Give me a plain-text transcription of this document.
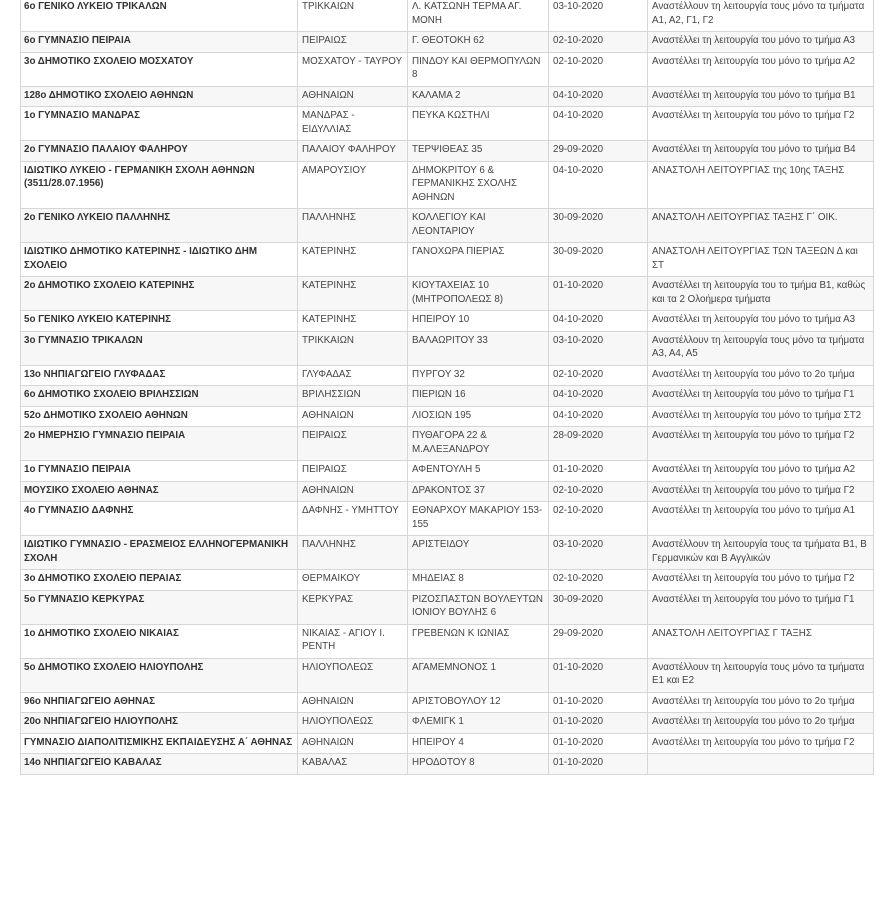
6ο ΓΕΝΙΚΟ ΛΥΚΕΙΟ ΤΡΙΚΑΛΩΝ	ΤΡΙΚΚΑΙΩΝ	Λ. ΚΑΤΣΩΝΗ ΤΕΡΜΑ ΑΓ. ΜΟΝΗ	03-10-2020	Αναστέλλουν τη λειτουργία τους μόνο τα τμήματα Α1, Α2, Γ1, Γ2
6ο ΓΥΜΝΑΣΙΟ ΠΕΙΡΑΙΑ	ΠΕΙΡΑΙΩΣ	Γ. ΘΕΟΤΟΚΗ 62	02-10-2020	Αναστέλλει τη λειτουργία του μόνο το τμήμα Α3
3ο ΔΗΜΟΤΙΚΟ ΣΧΟΛΕΙΟ ΜΟΣΧΑΤΟΥ	ΜΟΣΧΑΤΟΥ - ΤΑΥΡΟΥ	ΠΙΝΔΟΥ ΚΑΙ ΘΕΡΜΟΠΥΛΩΝ 8	02-10-2020	Αναστέλλει τη λειτουργία του μόνο το τμήμα Α2
128ο ΔΗΜΟΤΙΚΟ ΣΧΟΛΕΙΟ ΑΘΗΝΩΝ	ΑΘΗΝΑΙΩΝ	ΚΑΛΑΜΑ 2	04-10-2020	Αναστέλλει τη λειτουργία του μόνο το τμήμα Β1
1ο ΓΥΜΝΑΣΙΟ ΜΑΝΔΡΑΣ	ΜΑΝΔΡΑΣ - ΕΙΔΥΛΛΙΑΣ	ΠΕΥΚΑ ΚΩΣΤΗΛΙ	04-10-2020	Αναστέλλει τη λειτουργία του μόνο το τμήμα Γ2
2ο ΓΥΜΝΑΣΙΟ ΠΑΛΑΙΟΥ ΦΑΛΗΡΟΥ	ΠΑΛΑΙΟΥ ΦΑΛΗΡΟΥ	ΤΕΡΨΙΘΕΑΣ 35	29-09-2020	Αναστέλλει τη λειτουργία του μόνο το τμήμα Β4
ΙΔΙΩΤΙΚΟ ΛΥΚΕΙΟ - ΓΕΡΜΑΝΙΚΗ ΣΧΟΛΗ ΑΘΗΝΩΝ (3511/28.07.1956)	ΑΜΑΡΟΥΣΙΟΥ	ΔΗΜΟΚΡΙΤΟΥ 6 & ΓΕΡΜΑΝΙΚΗΣ ΣΧΟΛΗΣ ΑΘΗΝΩΝ	04-10-2020	ΑΝΑΣΤΟΛΗ ΛΕΙΤΟΥΡΓΙΑΣ της 10ης ΤΑΞΗΣ
2ο ΓΕΝΙΚΟ ΛΥΚΕΙΟ ΠΑΛΛΗΝΗΣ	ΠΑΛΛΗΝΗΣ	ΚΟΛΛΕΓΙΟΥ ΚΑΙ ΛΕΟΝΤΑΡΙΟΥ	30-09-2020	ΑΝΑΣΤΟΛΗ ΛΕΙΤΟΥΡΓΙΑΣ ΤΑΞΗΣ Γ΄ ΟΙΚ.
ΙΔΙΩΤΙΚΟ ΔΗΜΟΤΙΚΟ ΚΑΤΕΡΙΝΗΣ - ΙΔΙΩΤΙΚΟ ΔΗΜ ΣΧΟΛΕΙΟ	ΚΑΤΕΡΙΝΗΣ	ΓΑΝΟΧΩΡΑ ΠΙΕΡΙΑΣ	30-09-2020	ΑΝΑΣΤΟΛΗ ΛΕΙΤΟΥΡΓΙΑΣ ΤΩΝ ΤΑΞΕΩΝ Δ και ΣΤ
2ο ΔΗΜΟΤΙΚΟ ΣΧΟΛΕΙΟ ΚΑΤΕΡΙΝΗΣ	ΚΑΤΕΡΙΝΗΣ	ΚΙΟΥΤΑΧΕΙΑΣ 10 (ΜΗΤΡΟΠΟΛΕΩΣ 8)	01-10-2020	Αναστέλλει τη λειτουργία του το τμήμα Β1, καθώς και τα 2 Ολοήμερα τμήματα
5ο ΓΕΝΙΚΟ ΛΥΚΕΙΟ ΚΑΤΕΡΙΝΗΣ	ΚΑΤΕΡΙΝΗΣ	ΗΠΕΙΡΟΥ 10	04-10-2020	Αναστέλλει τη λειτουργία του μόνο το τμήμα Α3
3ο ΓΥΜΝΑΣΙΟ ΤΡΙΚΑΛΩΝ	ΤΡΙΚΚΑΙΩΝ	ΒΑΛΑΩΡΙΤΟΥ 33	03-10-2020	Αναστέλλουν τη λειτουργία τους μόνο τα τμήματα Α3, Α4, Α5
13ο ΝΗΠΙΑΓΩΓΕΙΟ ΓΛΥΦΑΔΑΣ	ΓΛΥΦΑΔΑΣ	ΠΥΡΓΟΥ 32	02-10-2020	Αναστέλλει τη λειτουργία του μόνο το 2ο τμήμα
6ο ΔΗΜΟΤΙΚΟ ΣΧΟΛΕΙΟ ΒΡΙΛΗΣΣΙΩΝ	ΒΡΙΛΗΣΣΙΩΝ	ΠΙΕΡΙΩΝ 16	04-10-2020	Αναστέλλει τη λειτουργία του μόνο το τμήμα Γ1
52ο ΔΗΜΟΤΙΚΟ ΣΧΟΛΕΙΟ ΑΘΗΝΩΝ	ΑΘΗΝΑΙΩΝ	ΛΙΟΣΙΩΝ 195	04-10-2020	Αναστέλλει τη λειτουργία του μόνο το τμήμα ΣΤ2
2ο ΗΜΕΡΗΣΙΟ ΓΥΜΝΑΣΙΟ ΠΕΙΡΑΙΑ	ΠΕΙΡΑΙΩΣ	ΠΥΘΑΓΟΡΑ 22 & Μ.ΑΛΕΞΑΝΔΡΟΥ	28-09-2020	Αναστέλλει τη λειτουργία του μόνο το τμήμα Γ2
1ο ΓΥΜΝΑΣΙΟ ΠΕΙΡΑΙΑ	ΠΕΙΡΑΙΩΣ	ΑΦΕΝΤΟΥΛΗ 5	01-10-2020	Αναστέλλει τη λειτουργία του μόνο το τμήμα Α2
ΜΟΥΣΙΚΟ ΣΧΟΛΕΙΟ ΑΘΗΝΑΣ	ΑΘΗΝΑΙΩΝ	ΔΡΑΚΟΝΤΟΣ 37	02-10-2020	Αναστέλλει τη λειτουργία του μόνο το τμήμα Γ2
4ο ΓΥΜΝΑΣΙΟ ΔΑΦΝΗΣ	ΔΑΦΝΗΣ - ΥΜΗΤΤΟΥ	ΕΘΝΑΡΧΟΥ ΜΑΚΑΡΙΟΥ 153-155	02-10-2020	Αναστέλλει τη λειτουργία του μόνο το τμήμα Α1
ΙΔΙΩΤΙΚΟ ΓΥΜΝΑΣΙΟ - ΕΡΑΣΜΕΙΟΣ ΕΛΛΗΝΟΓΕΡΜΑΝΙΚΗ ΣΧΟΛΗ	ΠΑΛΛΗΝΗΣ	ΑΡΙΣΤΕΙΔΟΥ	03-10-2020	Αναστέλλουν τη λειτουργία τους τα τμήματα Β1, Β Γερμανικών και Β Αγγλικών
3ο ΔΗΜΟΤΙΚΟ ΣΧΟΛΕΙΟ ΠΕΡΑΙΑΣ	ΘΕΡΜΑΙΚΟΥ	ΜΗΔΕΙΑΣ 8	02-10-2020	Αναστέλλει τη λειτουργία του μόνο το τμήμα Γ2
5ο ΓΥΜΝΑΣΙΟ ΚΕΡΚΥΡΑΣ	ΚΕΡΚΥΡΑΣ	ΡΙΖΟΣΠΑΣΤΩΝ ΒΟΥΛΕΥΤΩΝ ΙΟΝΙΟΥ ΒΟΥΛΗΣ 6	30-09-2020	Αναστέλλει τη λειτουργία του μόνο το τμήμα Γ1
1ο ΔΗΜΟΤΙΚΟ ΣΧΟΛΕΙΟ ΝΙΚΑΙΑΣ	ΝΙΚΑΙΑΣ - ΑΓΙΟΥ Ι. ΡΕΝΤΗ	ΓΡΕΒΕΝΩΝ Κ ΙΩΝΙΑΣ	29-09-2020	ΑΝΑΣΤΟΛΗ ΛΕΙΤΟΥΡΓΙΑΣ Γ ΤΑΞΗΣ
5ο ΔΗΜΟΤΙΚΟ ΣΧΟΛΕΙΟ ΗΛΙΟΥΠΟΛΗΣ	ΗΛΙΟΥΠΟΛΕΩΣ	ΑΓΑΜΕΜΝΟΝΟΣ 1	01-10-2020	Αναστέλλουν τη λειτουργία τους μόνο τα τμήματα Ε1 και Ε2
96ο ΝΗΠΙΑΓΩΓΕΙΟ ΑΘΗΝΑΣ	ΑΘΗΝΑΙΩΝ	ΑΡΙΣΤΟΒΟΥΛΟΥ 12	01-10-2020	Αναστέλλει τη λειτουργία του μόνο το 2ο τμήμα
20ο ΝΗΠΙΑΓΩΓΕΙΟ ΗΛΙΟΥΠΟΛΗΣ	ΗΛΙΟΥΠΟΛΕΩΣ	ΦΛΕΜΙΓΚ 1	01-10-2020	Αναστέλλει τη λειτουργία του μόνο το 2ο τμήμα
ΓΥΜΝΑΣΙΟ ΔΙΑΠΟΛΙΤΙΣΜΙΚΗΣ ΕΚΠΑΙΔΕΥΣΗΣ Α΄ ΑΘΗΝΑΣ	ΑΘΗΝΑΙΩΝ	ΗΠΕΙΡΟΥ 4	01-10-2020	Αναστέλλει τη λειτουργία του μόνο το τμήμα Γ2
14ο ΝΗΠΙΑΓΩΓΕΙΟ ΚΑΒΑΛΑΣ	ΚΑΒΑΛΑΣ	ΗΡΟΔΟΤΟΥ 8	01-10-2020	
